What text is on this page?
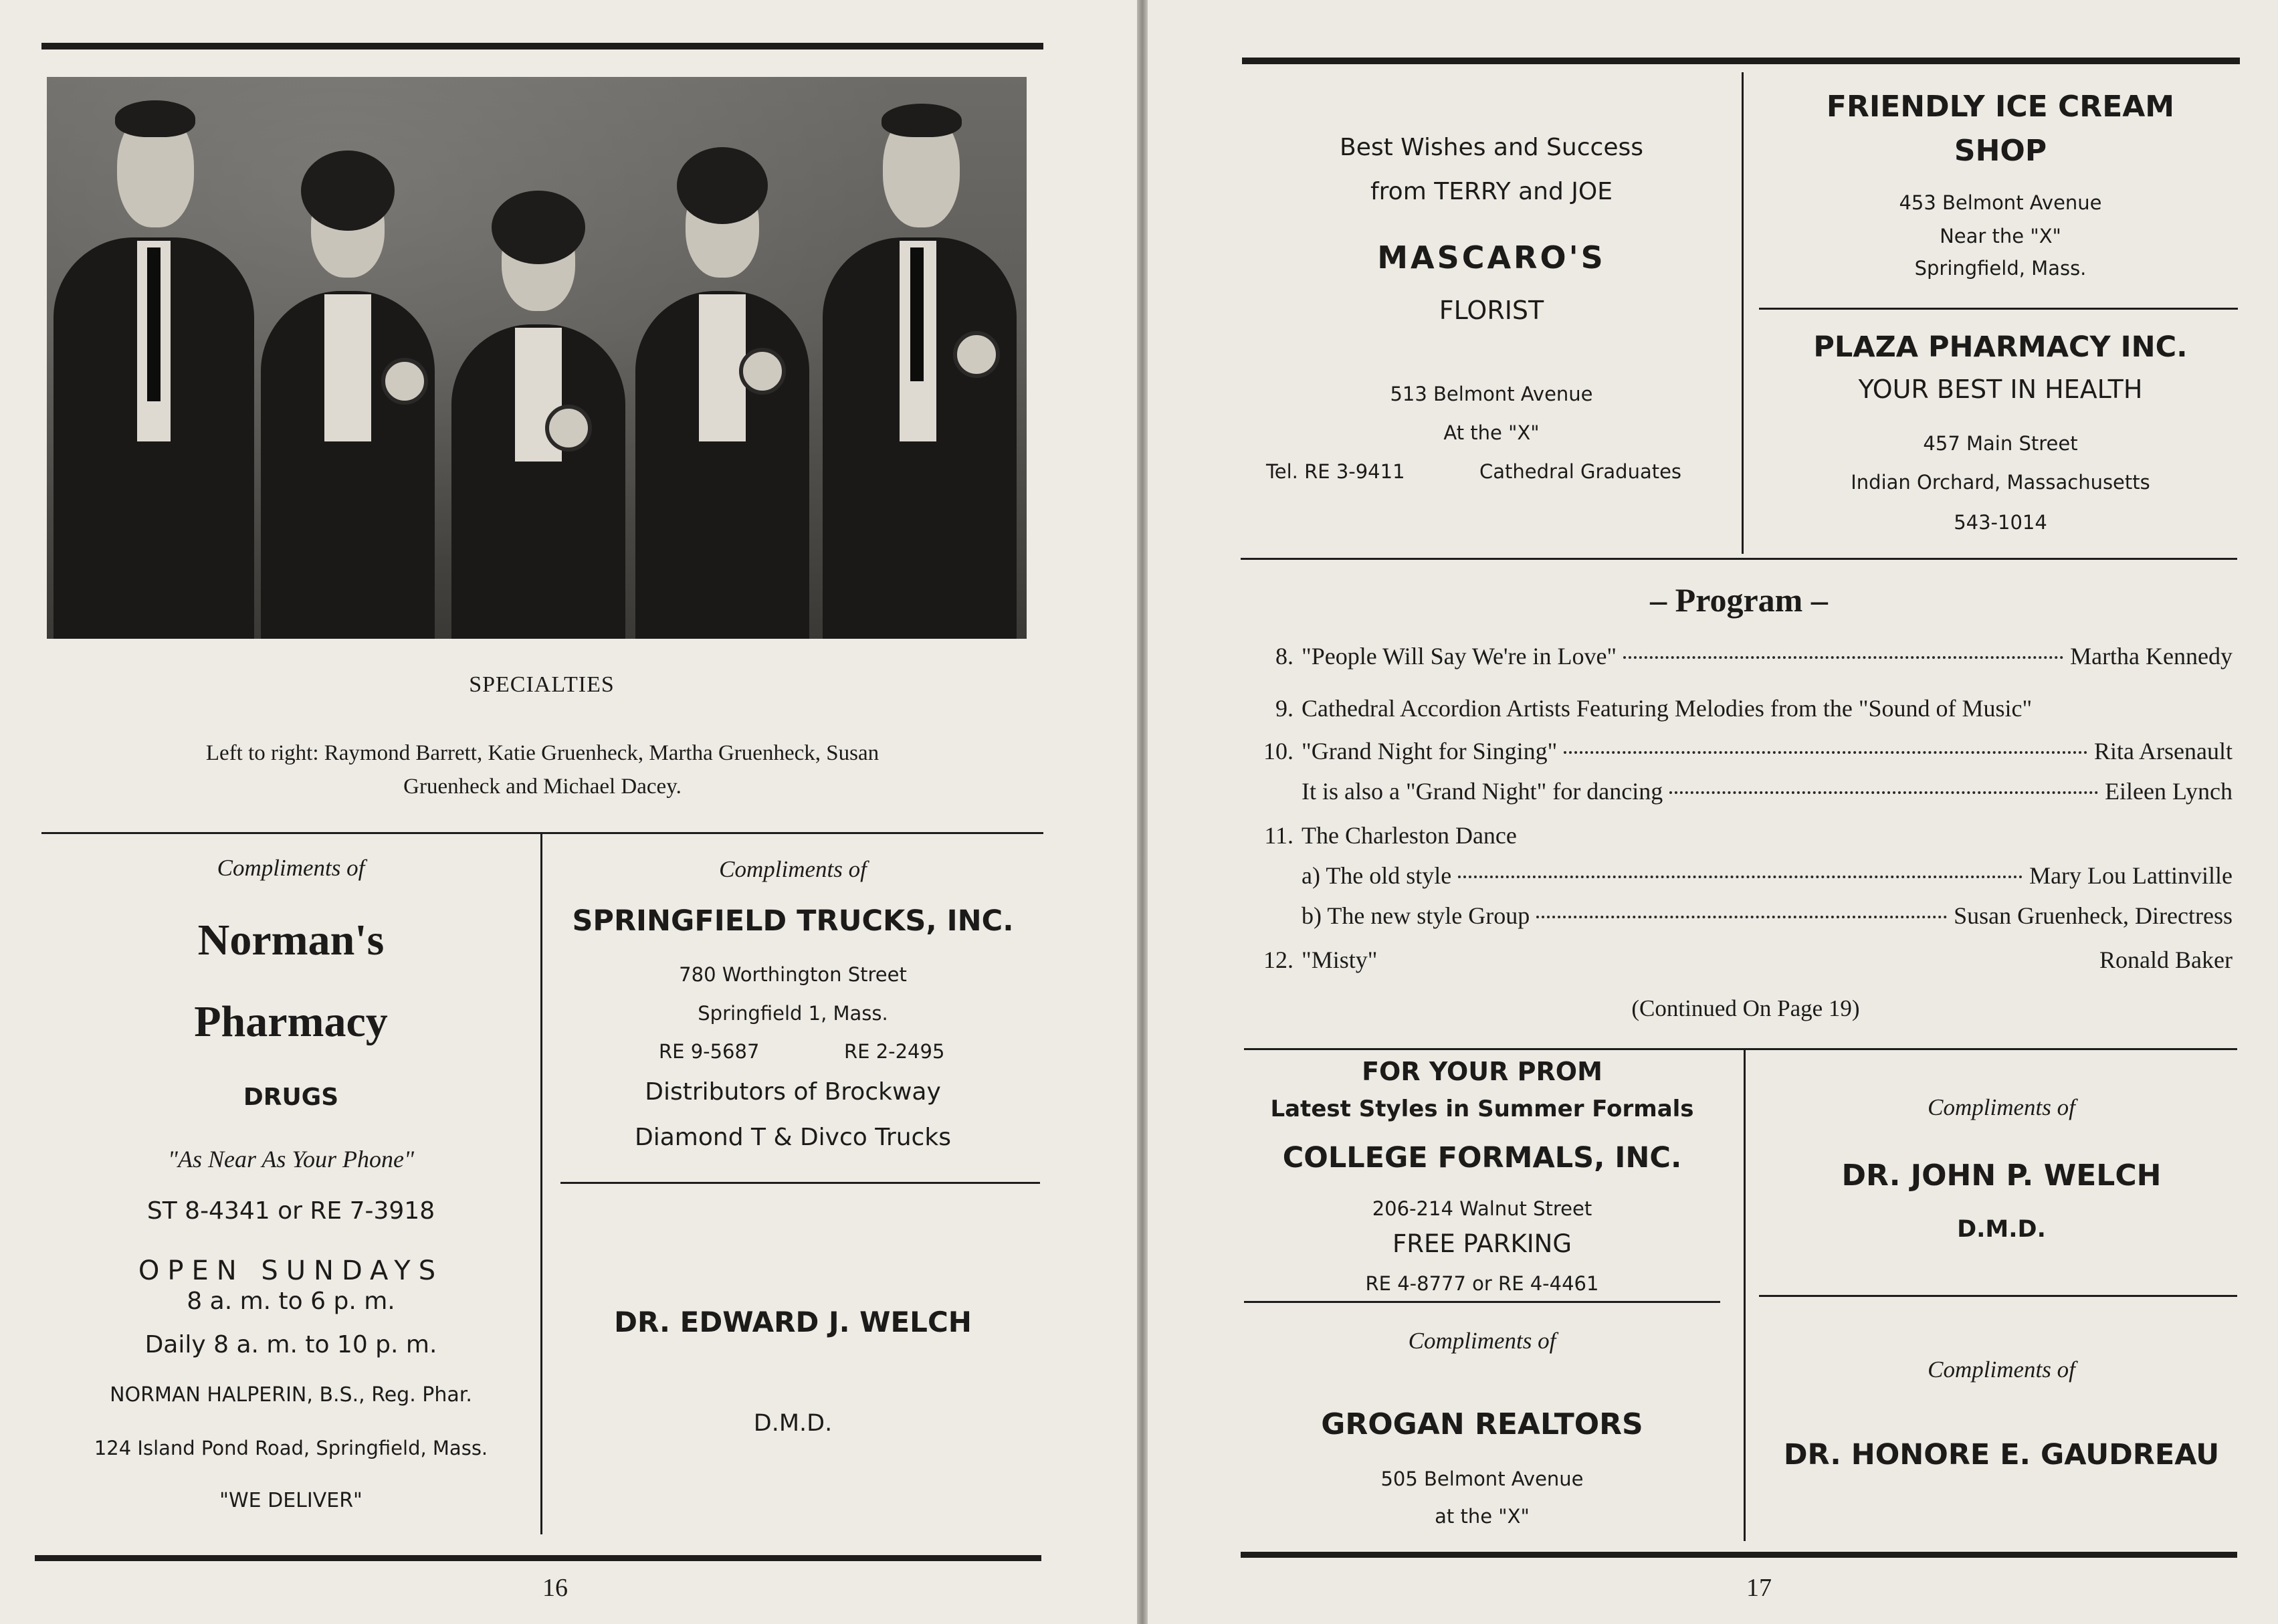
SPECIALTIES
Left to right: Raymond Barrett, Katie Gruenheck, Martha Gruenheck, Susan
Gruenheck and Michael Dacey.
Compliments of
Norman's
Pharmacy
DRUGS
"As Near As Your Phone"
ST 8-4341 or RE 7-3918
OPEN SUNDAYS
8 a. m. to 6 p. m.
Daily 8 a. m. to 10 p. m.
NORMAN HALPERIN, B.S., Reg. Phar.
124 Island Pond Road, Springfield, Mass.
"WE DELIVER"
Compliments of
SPRINGFIELD TRUCKS, INC.
780 Worthington Street
Springfield 1, Mass.
RE 9-5687	RE 2-2495
Distributors of Brockway
Diamond T & Divco Trucks
DR. EDWARD J. WELCH
D.M.D.
16
Best Wishes and Success
from TERRY and JOE
MASCARO'S
FLORIST
513 Belmont Avenue
At the "X"
Tel. RE 3-9411	Cathedral Graduates
FRIENDLY ICE CREAM
SHOP
453 Belmont Avenue
Near the "X"
Springfield, Mass.
PLAZA PHARMACY INC.
YOUR BEST IN HEALTH
457 Main Street
Indian Orchard, Massachusetts
543-1014
– Program –
8. "People Will Say We're in Love"	Martha Kennedy
9. Cathedral Accordion Artists Featuring Melodies from the "Sound of Music"
10. "Grand Night for Singing"	Rita Arsenault
It is also a "Grand Night" for dancing	Eileen Lynch
11. The Charleston Dance
a) The old style	Mary Lou Lattinville
b) The new style Group	Susan Gruenheck, Directress
12. "Misty"	Ronald Baker
(Continued On Page 19)
FOR YOUR PROM
Latest Styles in Summer Formals
COLLEGE FORMALS, INC.
206-214 Walnut Street
FREE PARKING
RE 4-8777 or RE 4-4461
Compliments of
GROGAN REALTORS
505 Belmont Avenue
at the "X"
Compliments of
DR. JOHN P. WELCH
D.M.D.
Compliments of
DR. HONORE E. GAUDREAU
17
